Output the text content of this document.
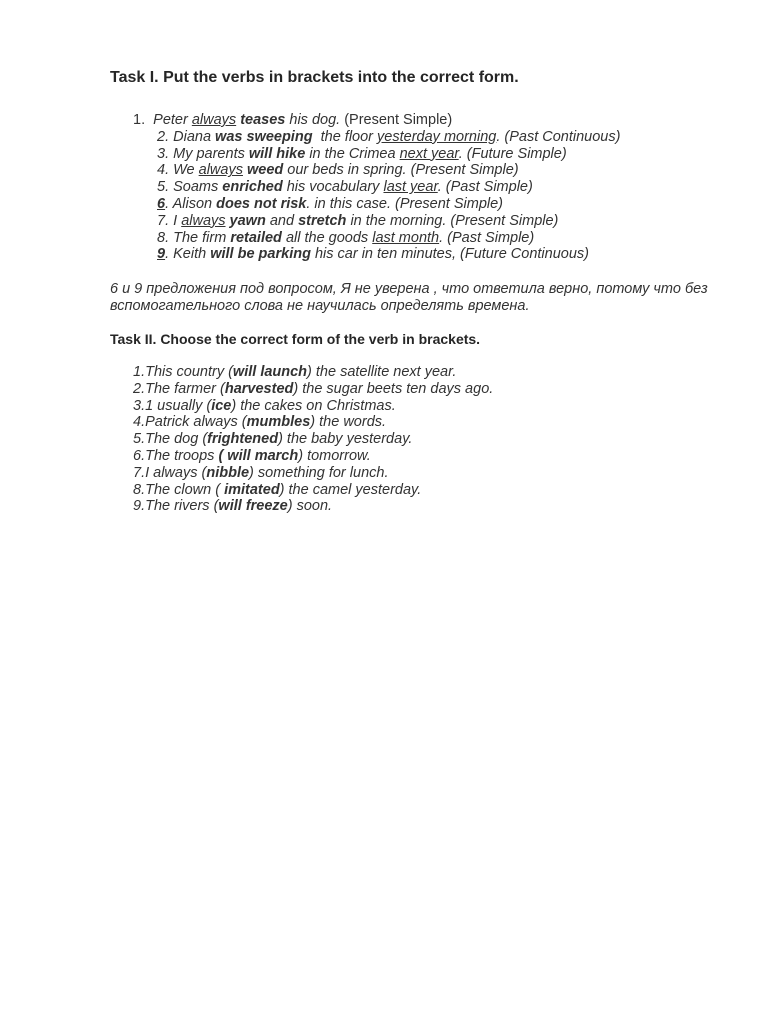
Task I. Put the verbs in brackets into the correct form.
1.  Peter always teases his dog. (Present Simple)
2. Diana was sweeping  the floor yesterday morning. (Past Continuous)
3. My parents will hike in the Crimea next year. (Future Simple)
4. We always weed our beds in spring. (Present Simple)
5. Soams enriched his vocabulary last year. (Past Simple)
6. Alison does not risk. in this case. (Present Simple)
7. I always yawn and stretch in the morning. (Present Simple)
8. The firm retailed all the goods last month. (Past Simple)
9. Keith will be parking his car in ten minutes, (Future Continuous)
6 и 9 предложения под вопросом, Я не уверена , что ответила верно, потому что без вспомогательного слова не научилась определять времена.
Task II. Choose the correct form of the verb in brackets.
1.This country (will launch) the satellite next year.
2.The farmer (harvested) the sugar beets ten days ago.
3.1 usually (ice) the cakes on Christmas.
4.Patrick always (mumbles) the words.
5.The dog (frightened) the baby yesterday.
6.The troops ( will march) tomorrow.
7.I always (nibble) something for lunch.
8.The clown ( imitated) the camel yesterday.
9.The rivers (will freeze) soon.
